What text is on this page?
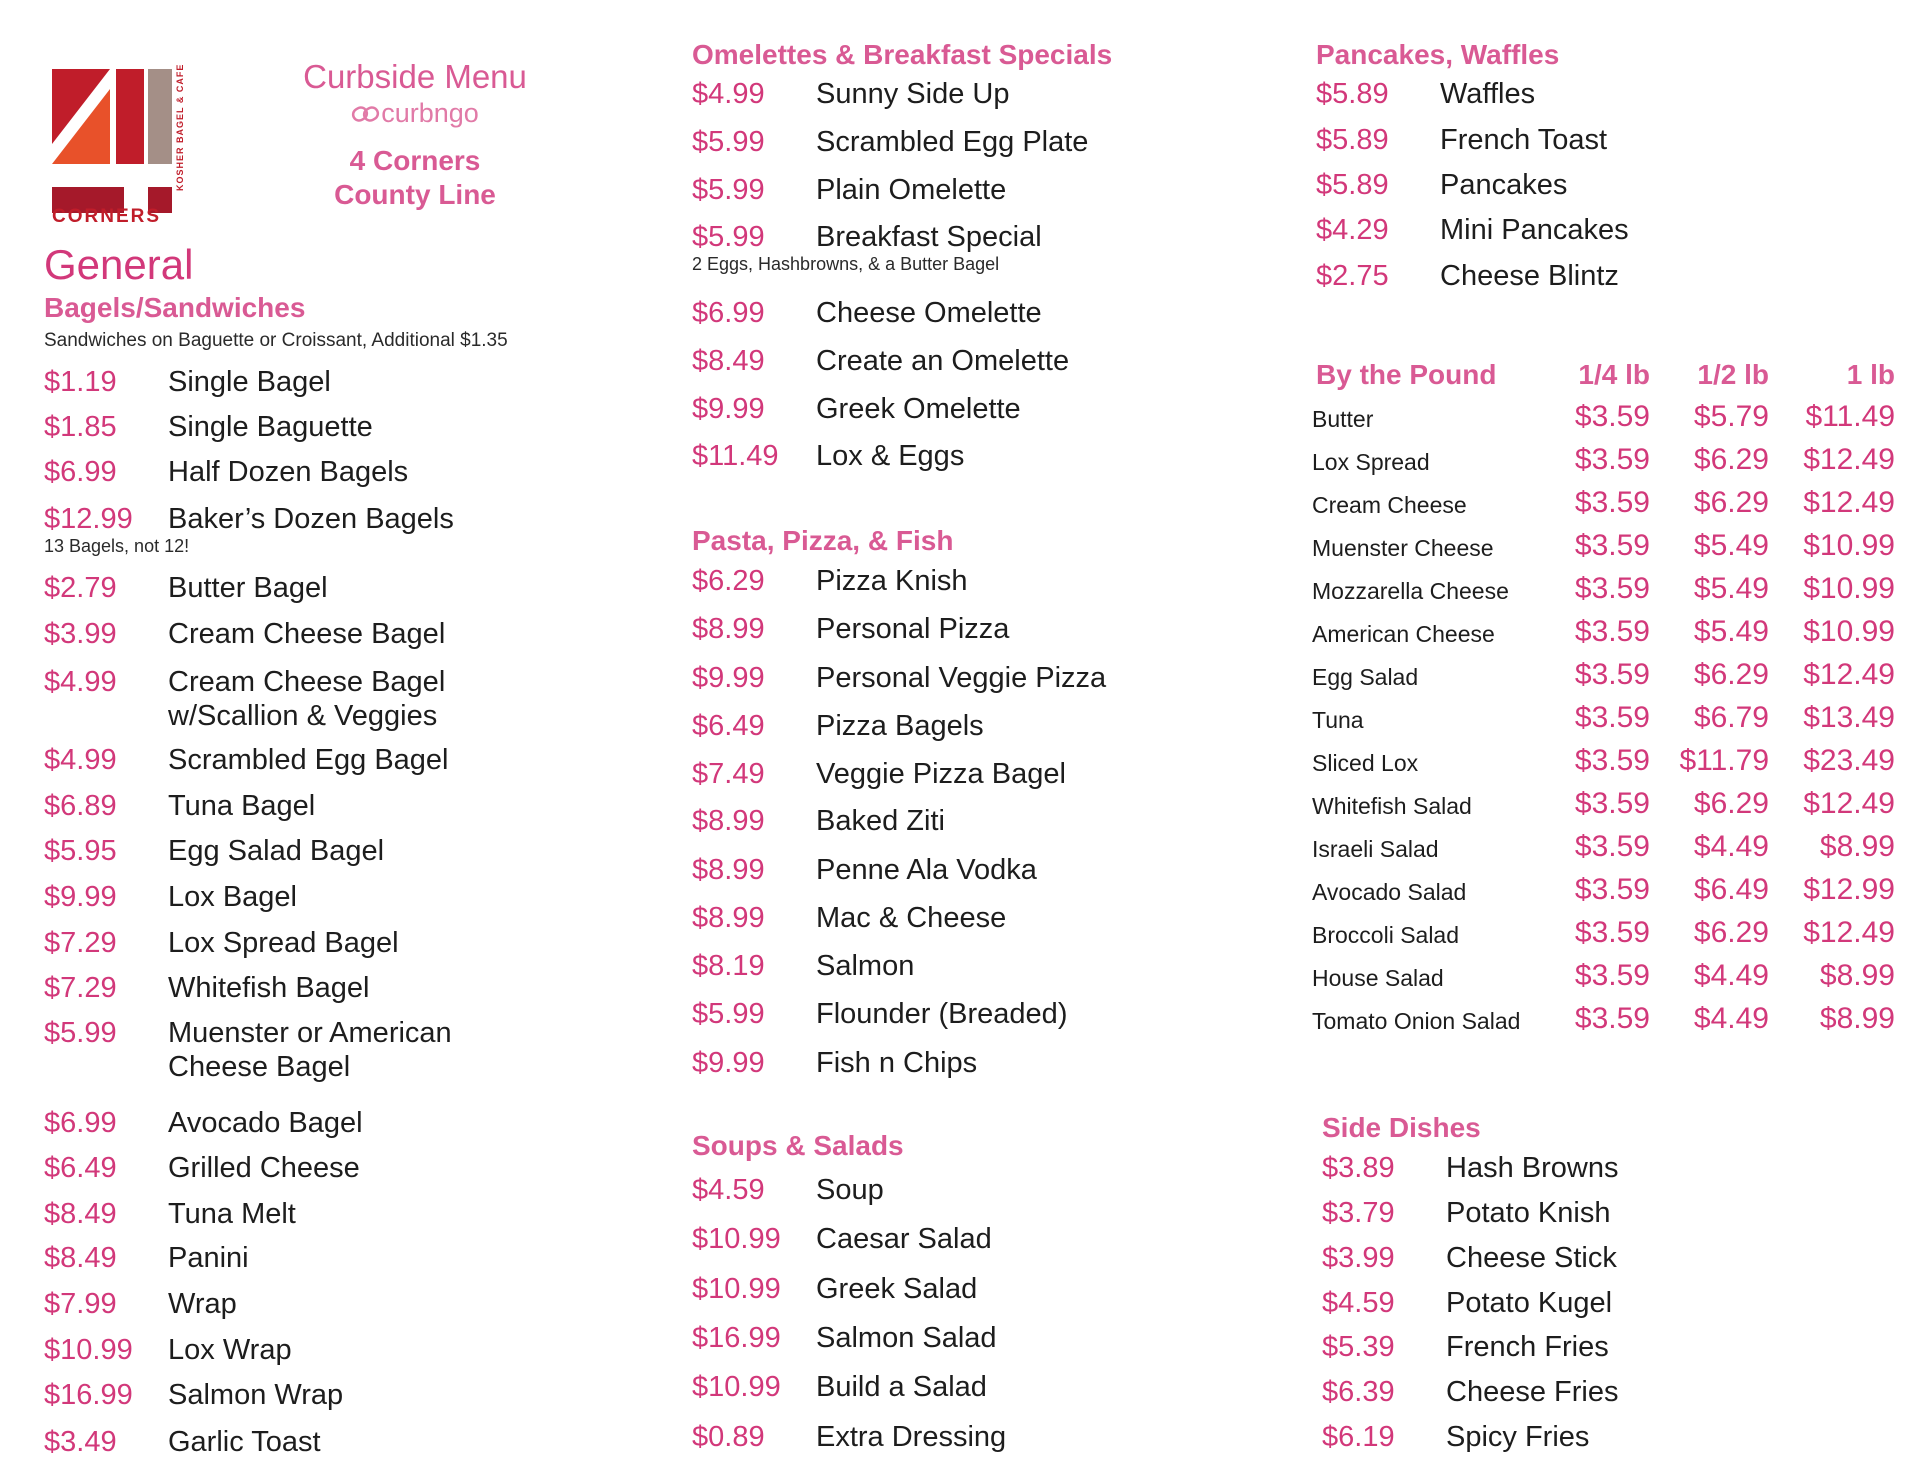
CORNERS
KOSHER BAGEL & CAFE	Curbside Menu
curbngo
4 Corners
County Line
General
Bagels/Sandwiches
Sandwiches on Baguette or Croissant, Additional $1.35
$1.19 Single Bagel
$1.85 Single Baguette
$6.99 Half Dozen Bagels
$12.99 Baker’s Dozen Bagels
13 Bagels, not 12!
$2.79 Butter Bagel
$3.99 Cream Cheese Bagel
$4.99 Cream Cheese Bagel
w/Scallion & Veggies
$4.99 Scrambled Egg Bagel
$6.89 Tuna Bagel
$5.95 Egg Salad Bagel
$9.99 Lox Bagel
$7.29 Lox Spread Bagel
$7.29 Whitefish Bagel
$5.99 Muenster or American
Cheese Bagel
$6.99 Avocado Bagel
$6.49 Grilled Cheese
$8.49 Tuna Melt
$8.49 Panini
$7.99 Wrap
$10.99 Lox Wrap
$16.99 Salmon Wrap
$3.49 Garlic Toast
Omelettes & Breakfast Specials
$4.99 Sunny Side Up
$5.99 Scrambled Egg Plate
$5.99 Plain Omelette
$5.99 Breakfast Special
2 Eggs, Hashbrowns, & a Butter Bagel
$6.99 Cheese Omelette
$8.49 Create an Omelette
$9.99 Greek Omelette
$11.49 Lox & Eggs
Pasta, Pizza, & Fish
$6.29 Pizza Knish
$8.99 Personal Pizza
$9.99 Personal Veggie Pizza
$6.49 Pizza Bagels
$7.49 Veggie Pizza Bagel
$8.99 Baked Ziti
$8.99 Penne Ala Vodka
$8.99 Mac & Cheese
$8.19 Salmon
$5.99 Flounder (Breaded)
$9.99 Fish n Chips
Soups & Salads
$4.59 Soup
$10.99 Caesar Salad
$10.99 Greek Salad
$16.99 Salmon Salad
$10.99 Build a Salad
$0.89 Extra Dressing
Pancakes, Waffles
$5.89 Waffles
$5.89 French Toast
$5.89 Pancakes
$4.29 Mini Pancakes
$2.75 Cheese Blintz
By the Pound	1/4 lb	1/2 lb	1 lb
Butter	$3.59	$5.79	$11.49
Lox Spread	$3.59	$6.29 $12.49
Cream Cheese	$3.59	$6.29 $12.49
Muenster Cheese	$3.59	$5.49 $10.99
Mozzarella Cheese	$3.59	$5.49 $10.99
American Cheese	$3.59	$5.49 $10.99
Egg Salad	$3.59	$6.29 $12.49
Tuna	$3.59	$6.79 $13.49
Sliced Lox	$3.59 $11.79 $23.49
Whitefish Salad	$3.59	$6.29 $12.49
Israeli Salad	$3.59	$4.49	$8.99
Avocado Salad	$3.59	$6.49 $12.99
Broccoli Salad	$3.59	$6.29 $12.49
House Salad	$3.59	$4.49	$8.99
Tomato Onion Salad	$3.59	$4.49	$8.99
Side Dishes
$3.89 Hash Browns
$3.79 Potato Knish
$3.99 Cheese Stick
$4.59 Potato Kugel
$5.39 French Fries
$6.39 Cheese Fries
$6.19 Spicy Fries
